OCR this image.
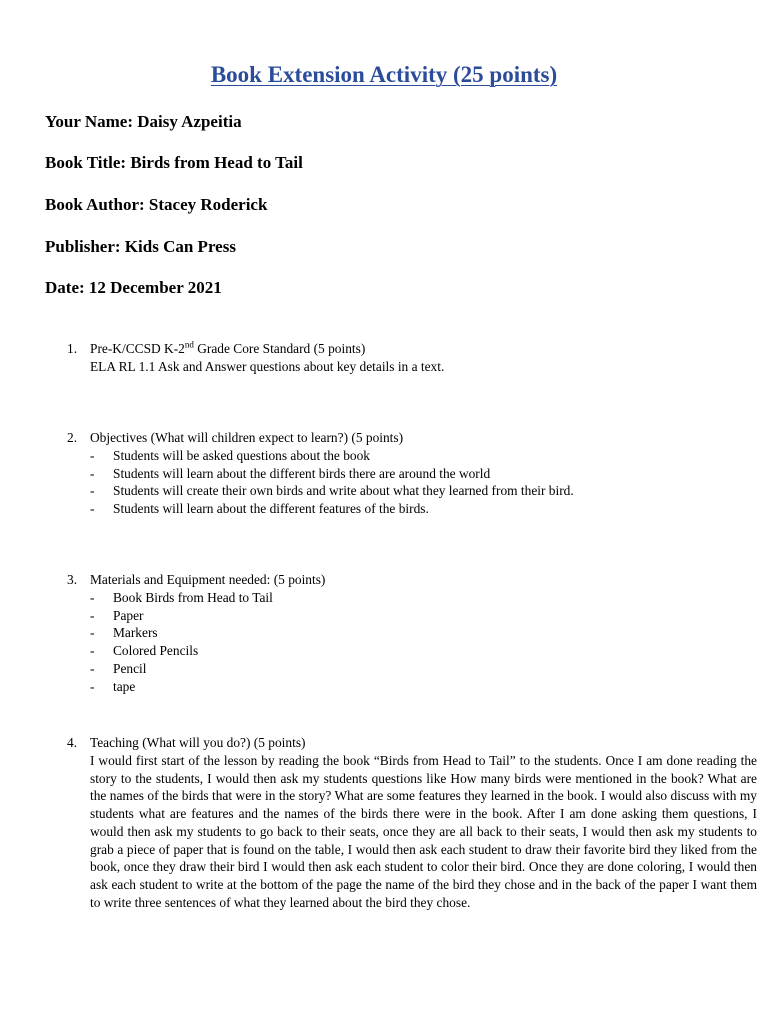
Book Extension Activity (25 points)
Your Name: Daisy Azpeitia
Book Title: Birds from Head to Tail
Book Author: Stacey Roderick
Publisher: Kids Can Press
Date: 12 December 2021
1. Pre-K/CCSD K-2nd Grade Core Standard (5 points)
ELA RL 1.1 Ask and Answer questions about key details in a text.
2. Objectives (What will children expect to learn?) (5 points)
-	Students will be asked questions about the book
-	Students will learn about the different birds there are around the world
-	Students will create their own birds and write about what they learned from their bird.
-	Students will learn about the different features of the birds.
3. Materials and Equipment needed: (5 points)
-	Book Birds from Head to Tail
-	Paper
-	Markers
-	Colored Pencils
-	Pencil
-	tape
4. Teaching (What will you do?) (5 points)
I would first start of the lesson by reading the book “Birds from Head to Tail” to the students. Once I am done reading the story to the students, I would then ask my students questions like How many birds were mentioned in the book? What are the names of the birds that were in the story? What are some features they learned in the book. I would also discuss with my students what are features and the names of the birds there were in the book. After I am done asking them questions, I would then ask my students to go back to their seats, once they are all back to their seats, I would then ask my students to grab a piece of paper that is found on the table, I would then ask each student to draw their favorite bird they liked from the book, once they draw their bird I would then ask each student to color their bird. Once they are done coloring, I would then ask each student to write at the bottom of the page the name of the bird they chose and in the back of the paper I want them to write three sentences of what they learned about the bird they chose.
